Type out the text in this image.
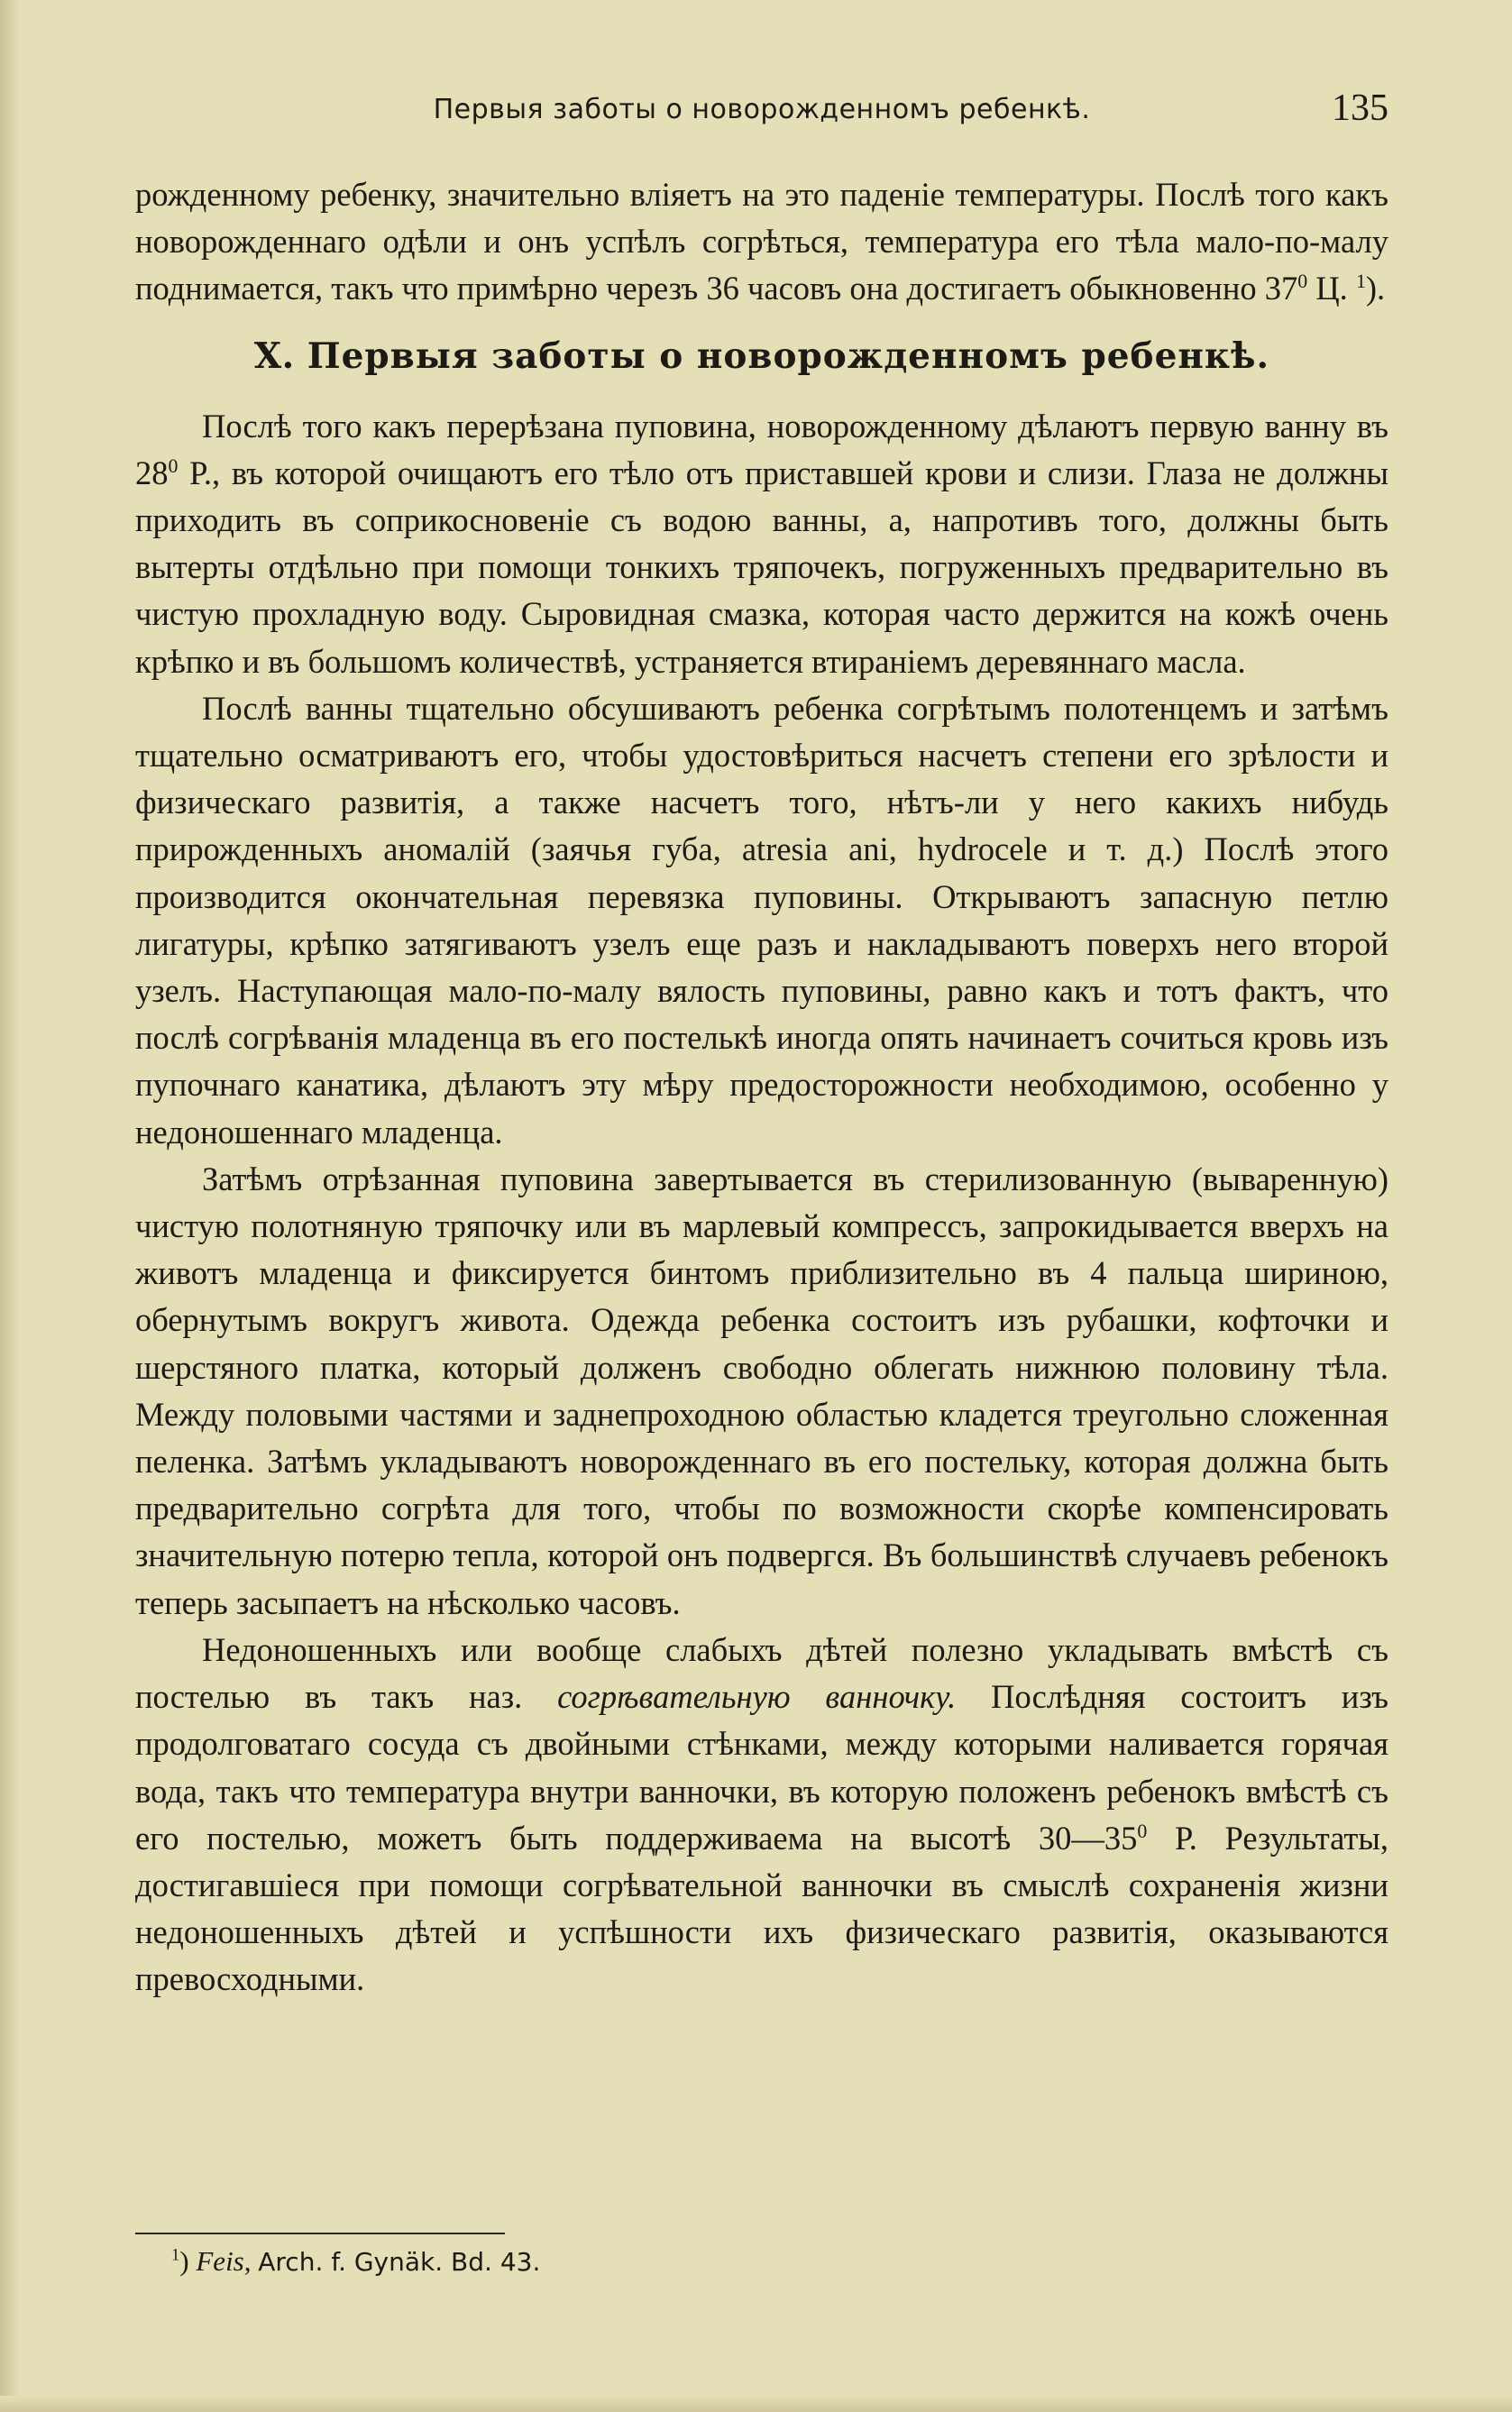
Первыя заботы о новорожденномъ ребенкѣ.	135

рожденному ребенку, значительно вліяетъ на это паденіе температуры. Послѣ того какъ новорожденнаго одѣли и онъ успѣлъ согрѣться, температура его тѣла мало-по-малу поднимается, такъ что примѣрно черезъ 36 часовъ она достигаетъ обыкновенно $37^0$ Ц. $^1$).

X. Первыя заботы о новорожденномъ ребенкѣ.

Послѣ того какъ перерѣзана пуповина, новорожденному дѣлаютъ первую ванну въ $28^0$ Р., въ которой очищаютъ его тѣло отъ приставшей крови и слизи. Глаза не должны приходить въ соприкосновеніе съ водою ванны, а, напротивъ того, должны быть вытерты отдѣльно при помощи тонкихъ тряпочекъ, погруженныхъ предварительно въ чистую прохладную воду. Сыровидная смазка, которая часто держится на кожѣ очень крѣпко и въ большомъ количествѣ, устраняется втираніемъ деревяннаго масла.

Послѣ ванны тщательно обсушиваютъ ребенка согрѣтымъ полотенцемъ и затѣмъ тщательно осматриваютъ его, чтобы удостовѣриться насчетъ степени его зрѣлости и физическаго развитія, а также насчетъ того, нѣтъ-ли у него какихъ нибудь прирожденныхъ аномалій (заячья губа, atresia ani, hydrocele и т. д.) Послѣ этого производится окончательная перевязка пуповины. Открываютъ запасную петлю лигатуры, крѣпко затягиваютъ узелъ еще разъ и накладываютъ поверхъ него второй узелъ. Наступающая мало-по-малу вялость пуповины, равно какъ и тотъ фактъ, что послѣ согрѣванія младенца въ его постелькѣ иногда опять начинаетъ сочиться кровь изъ пупочнаго канатика, дѣлаютъ эту мѣру предосторожности необходимою, особенно у недоношеннаго младенца.

Затѣмъ отрѣзанная пуповина завертывается въ стерилизованную (вываренную) чистую полотняную тряпочку или въ марлевый компрессъ, запрокидывается вверхъ на животъ младенца и фиксируется бинтомъ приблизительно въ 4 пальца шириною, обернутымъ вокругъ живота. Одежда ребенка состоитъ изъ рубашки, кофточки и шерстяного платка, который долженъ свободно облегать нижнюю половину тѣла. Между половыми частями и заднепроходною областью кладется треугольно сложенная пеленка. Затѣмъ укладываютъ новорожденнаго въ его постельку, которая должна быть предварительно согрѣта для того, чтобы по возможности скорѣе компенсировать значительную потерю тепла, которой онъ подвергся. Въ большинствѣ случаевъ ребенокъ теперь засыпаетъ на нѣсколько часовъ.

Недоношенныхъ или вообще слабыхъ дѣтей полезно укладывать вмѣстѣ съ постелью въ такъ наз. согрѣвательную ванночку. Послѣдняя состоитъ изъ продолговатаго сосуда съ двойными стѣнками, между которыми наливается горячая вода, такъ что температура внутри ванночки, въ которую положенъ ребенокъ вмѣстѣ съ его постелью, можетъ быть поддерживаема на высотѣ $30—35^0$ Р. Результаты, достигавшіеся при помощи согрѣвательной ванночки въ смыслѣ сохраненія жизни недоношенныхъ дѣтей и успѣшности ихъ физическаго развитія, оказываются превосходными.

$^1$) Feis, Arch. f. Gynäk. Bd. 43.
